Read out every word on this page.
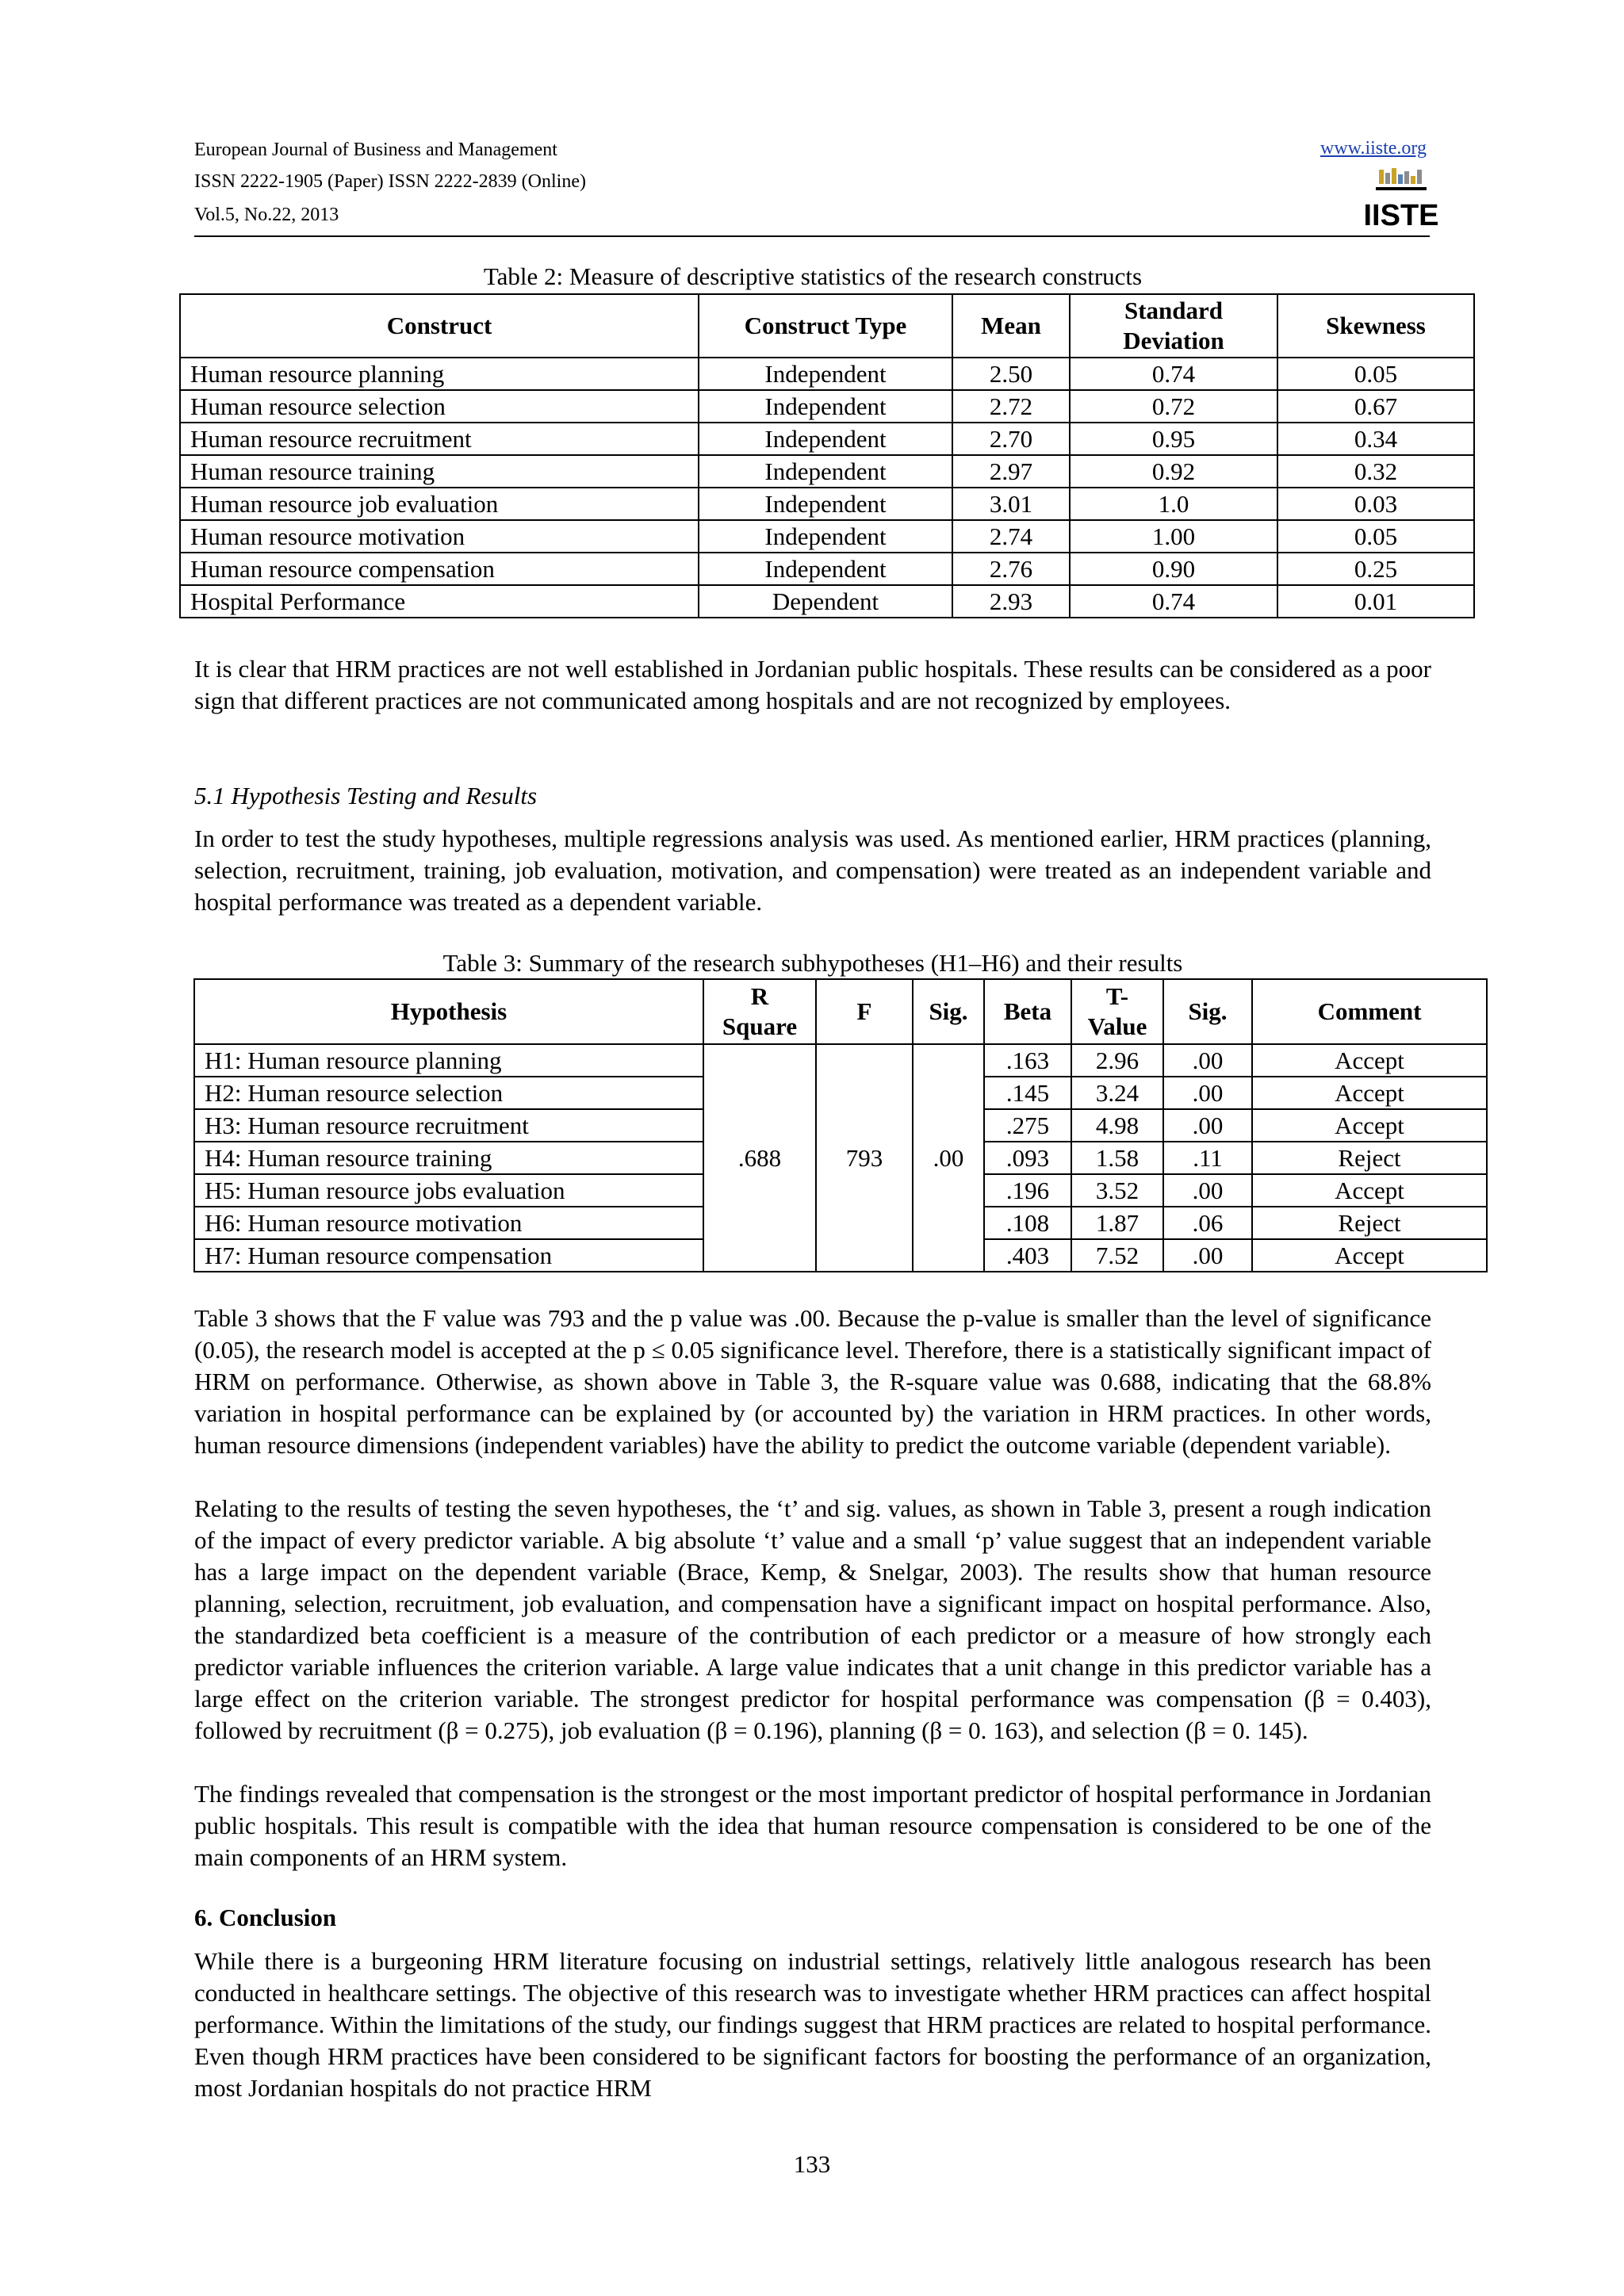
European Journal of Business and Management
ISSN 2222-1905 (Paper) ISSN 2222-2839 (Online)
Vol.5, No.22, 2013
www.iiste.org
IISTE
Table 2: Measure of descriptive statistics of the research constructs
Construct	Construct Type	Mean	Standard Deviation	Skewness
Human resource planning	Independent	2.50	0.74	0.05
Human resource selection	Independent	2.72	0.72	0.67
Human resource recruitment	Independent	2.70	0.95	0.34
Human resource training	Independent	2.97	0.92	0.32
Human resource job evaluation	Independent	3.01	1.0	0.03
Human resource motivation	Independent	2.74	1.00	0.05
Human resource compensation	Independent	2.76	0.90	0.25
Hospital Performance	Dependent	2.93	0.74	0.01
It is clear that HRM practices are not well established in Jordanian public hospitals. These results can be considered as a poor sign that different practices are not communicated among hospitals and are not recognized by employees.
5.1 Hypothesis Testing and Results
In order to test the study hypotheses, multiple regressions analysis was used. As mentioned earlier, HRM practices (planning, selection, recruitment, training, job evaluation, motivation, and compensation) were treated as an independent variable and hospital performance was treated as a dependent variable.
Table 3: Summary of the research subhypotheses (H1–H6) and their results
Hypothesis	R Square	F	Sig.	Beta	T-Value	Sig.	Comment
H1: Human resource planning	.688	793	.00	.163	2.96	.00	Accept
H2: Human resource selection				.145	3.24	.00	Accept
H3: Human resource recruitment				.275	4.98	.00	Accept
H4: Human resource training				.093	1.58	.11	Reject
H5: Human resource jobs evaluation				.196	3.52	.00	Accept
H6: Human resource motivation				.108	1.87	.06	Reject
H7: Human resource compensation				.403	7.52	.00	Accept
Table 3 shows that the F value was 793 and the p value was .00. Because the p-value is smaller than the level of significance (0.05), the research model is accepted at the p ≤ 0.05 significance level. Therefore, there is a statistically significant impact of HRM on performance. Otherwise, as shown above in Table 3, the R-square value was 0.688, indicating that the 68.8% variation in hospital performance can be explained by (or accounted by) the variation in HRM practices. In other words, human resource dimensions (independent variables) have the ability to predict the outcome variable (dependent variable).
Relating to the results of testing the seven hypotheses, the ‘t’ and sig. values, as shown in Table 3, present a rough indication of the impact of every predictor variable. A big absolute ‘t’ value and a small ‘p’ value suggest that an independent variable has a large impact on the dependent variable (Brace, Kemp, & Snelgar, 2003). The results show that human resource planning, selection, recruitment, job evaluation, and compensation have a significant impact on hospital performance. Also, the standardized beta coefficient is a measure of the contribution of each predictor or a measure of how strongly each predictor variable influences the criterion variable. A large value indicates that a unit change in this predictor variable has a large effect on the criterion variable. The strongest predictor for hospital performance was compensation (β = 0.403), followed by recruitment (β = 0.275), job evaluation (β = 0.196), planning (β = 0. 163), and selection (β = 0. 145).
The findings revealed that compensation is the strongest or the most important predictor of hospital performance in Jordanian public hospitals. This result is compatible with the idea that human resource compensation is considered to be one of the main components of an HRM system.
6. Conclusion
While there is a burgeoning HRM literature focusing on industrial settings, relatively little analogous research has been conducted in healthcare settings. The objective of this research was to investigate whether HRM practices can affect hospital performance. Within the limitations of the study, our findings suggest that HRM practices are related to hospital performance. Even though HRM practices have been considered to be significant factors for boosting the performance of an organization, most Jordanian hospitals do not practice HRM
133
